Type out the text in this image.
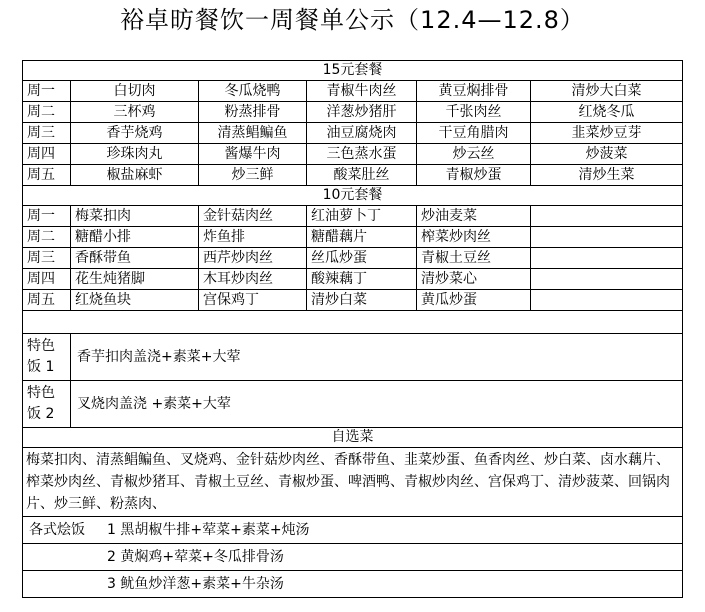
裕卓昉餐饮一周餐单公示（12.4—12.8）
15元套餐					
周一	白切肉	冬瓜烧鸭	青椒牛肉丝	黄豆焖排骨	清炒大白菜
周二	三杯鸡	粉蒸排骨	洋葱炒猪肝	千张肉丝	红烧冬瓜
周三	香芋烧鸡	清蒸鲳鳊鱼	油豆腐烧肉	干豆角腊肉	韭菜炒豆芽
周四	珍珠肉丸	酱爆牛肉	三色蒸水蛋	炒云丝	炒菠菜
周五	椒盐麻虾	炒三鲜	酸菜肚丝	青椒炒蛋	清炒生菜
10元套餐					
周一	梅菜扣肉	金针菇肉丝	红油萝卜丁	炒油麦菜	
周二	糖醋小排	炸鱼排	糖醋藕片	榨菜炒肉丝	
周三	香酥带鱼	西芹炒肉丝	丝瓜炒蛋	青椒土豆丝	
周四	花生炖猪脚	木耳炒肉丝	酸辣藕丁	清炒菜心	
周五	红烧鱼块	宫保鸡丁	清炒白菜	黄瓜炒蛋	

特色饭 1	香芋扣肉盖浇+素菜+大荤				
特色饭 2	叉烧肉盖浇 +素菜+大荤				
自选菜					
梅菜扣肉、清蒸鲳鳊鱼、叉烧鸡、金针菇炒肉丝、香酥带鱼、韭菜炒蛋、鱼香肉丝、炒白菜、卤水藕片、榨菜炒肉丝、青椒炒猪耳、青椒土豆丝、青椒炒蛋、啤酒鸭、青椒炒肉丝、宫保鸡丁、清炒菠菜、回锅肉片、炒三鲜、粉蒸肉、					
各式烩饭 1 黑胡椒牛排+荤菜+素菜+炖汤					
2 黄焖鸡+荤菜+冬瓜排骨汤					
3 鱿鱼炒洋葱+素菜+牛杂汤					
